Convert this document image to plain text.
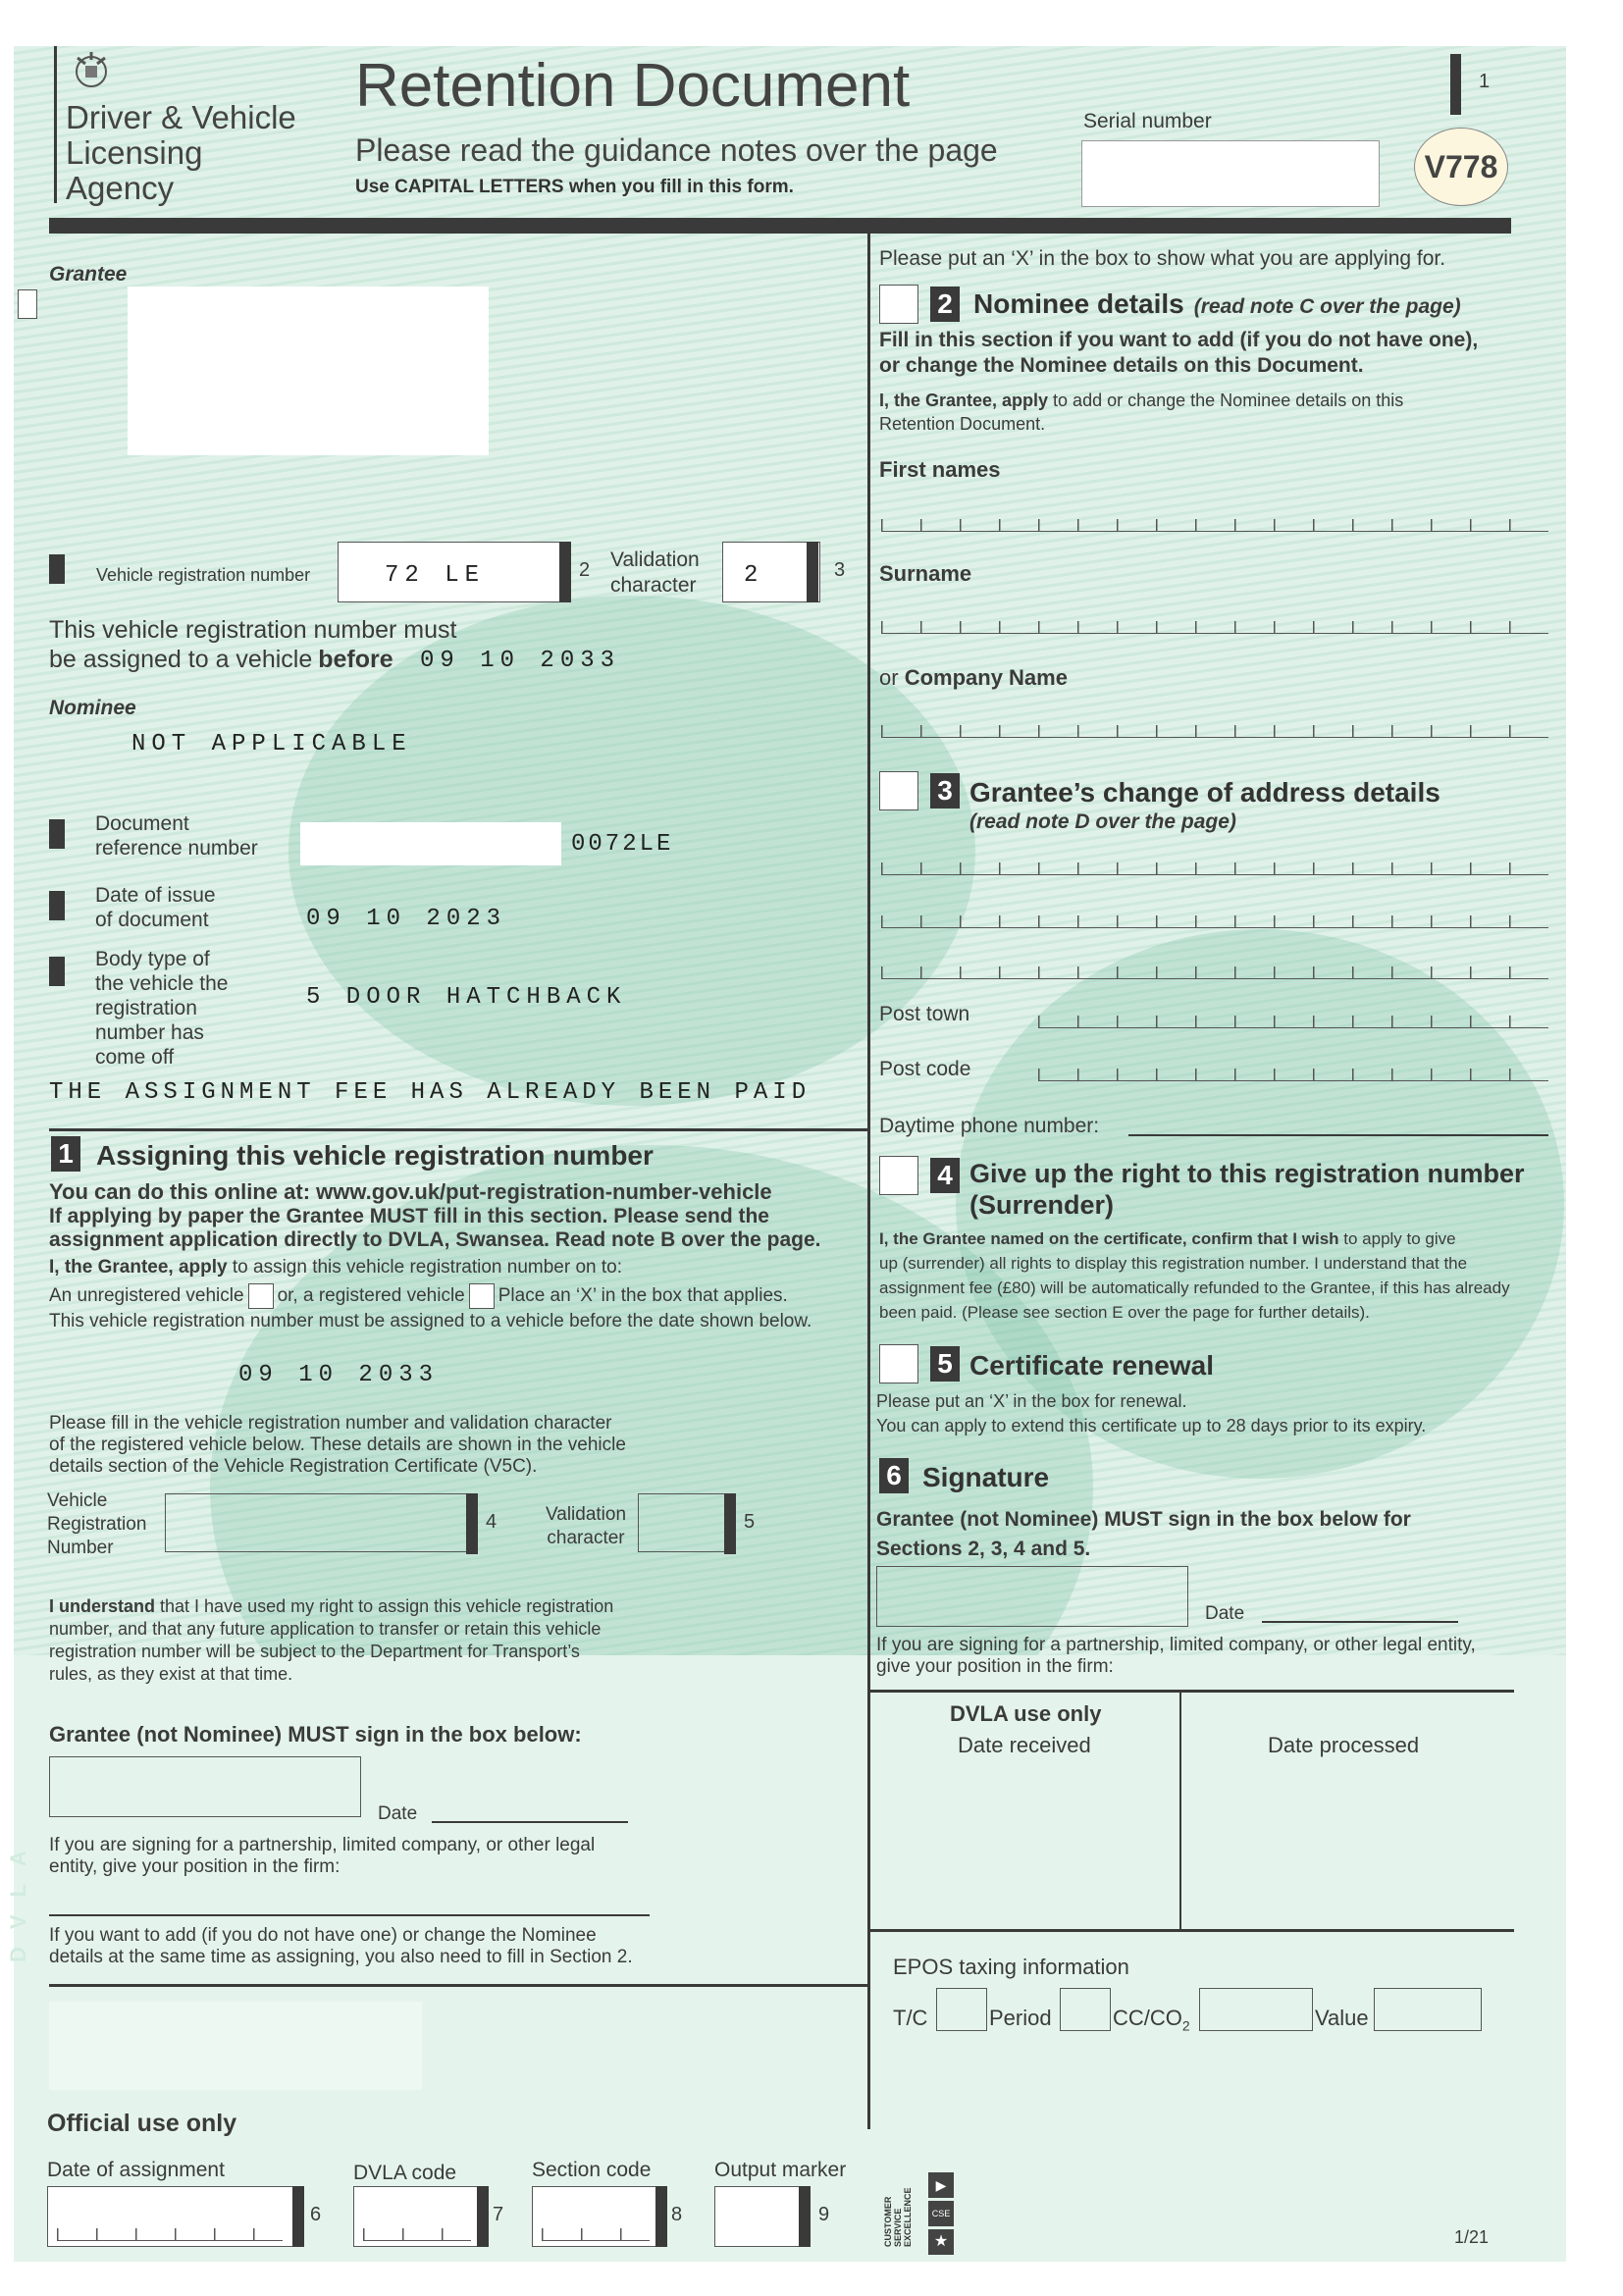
Driver & Vehicle
Licensing
Agency
Retention Document
Please read the guidance notes over the page
Use CAPITAL LETTERS when you fill in this form.
Serial number
1
V778
Grantee
Vehicle registration number	72 LE	2 Validation
character 2	3
This vehicle registration number must
be assigned to a vehicle before 09 10 2033
Nominee
NOT APPLICABLE
Document
reference number	0072LE
Date of issue
of document	09 10 2023
Body type of
the vehicle the
registration
number has
come off
5 DOOR HATCHBACK
THE ASSIGNMENT FEE HAS ALREADY BEEN PAID
1 Assigning this vehicle registration number
You can do this online at: www.gov.uk/put-registration-number-vehicle
If applying by paper the Grantee MUST fill in this section. Please send the
assignment application directly to DVLA, Swansea. Read note B over the page.
I, the Grantee, apply to assign this vehicle registration number on to:
An unregistered vehicle or, a registered vehicle Place an ‘X’ in the box that applies.
This vehicle registration number must be assigned to a vehicle before the date shown below.
09 10 2033
Please fill in the vehicle registration number and validation character
of the registered vehicle below. These details are shown in the vehicle
details section of the Vehicle Registration Certificate (V5C).
Vehicle
Registration
Number
4	Validation
character
5
I understand that I have used my right to assign this vehicle registration
number, and that any future application to transfer or retain this vehicle
registration number will be subject to the Department for Transport’s
rules, as they exist at that time.
Grantee (not Nominee) MUST sign in the box below:
Date
If you are signing for a partnership, limited company, or other legal
entity, give your position in the firm:
If you want to add (if you do not have one) or change the Nominee
details at the same time as assigning, you also need to fill in Section 2.
DVLA
Official use only
Date of assignment
6
DVLA code
7
Section code
8
Output marker
9	CUSTOMER SERVICE EXCELLENCE
▶
CSE
★	1/21
Please put an ‘X’ in the box to show what you are applying for.
2 Nominee details (read note C over the page)
Fill in this section if you want to add (if you do not have one),
or change the Nominee details on this Document.
I, the Grantee, apply to add or change the Nominee details on this
Retention Document.
First names
Surname
or Company Name
3 Grantee’s change of address details
(read note D over the page)
Post town
Post code
Daytime phone number:
4 Give up the right to this registration number
(Surrender)
I, the Grantee named on the certificate, confirm that I wish to apply to give
up (surrender) all rights to display this registration number. I understand that the
assignment fee (£80) will be automatically refunded to the Grantee, if this has already
been paid. (Please see section E over the page for further details).
5 Certificate renewal
Please put an ‘X’ in the box for renewal.
You can apply to extend this certificate up to 28 days prior to its expiry.
6 Signature
Grantee (not Nominee) MUST sign in the box below for
Sections 2, 3, 4 and 5.
Date
If you are signing for a partnership, limited company, or other legal entity,
give your position in the firm:
DVLA use only
Date received	Date processed
EPOS taxing information
T/C	Period	$CC/CO_2$	Value
